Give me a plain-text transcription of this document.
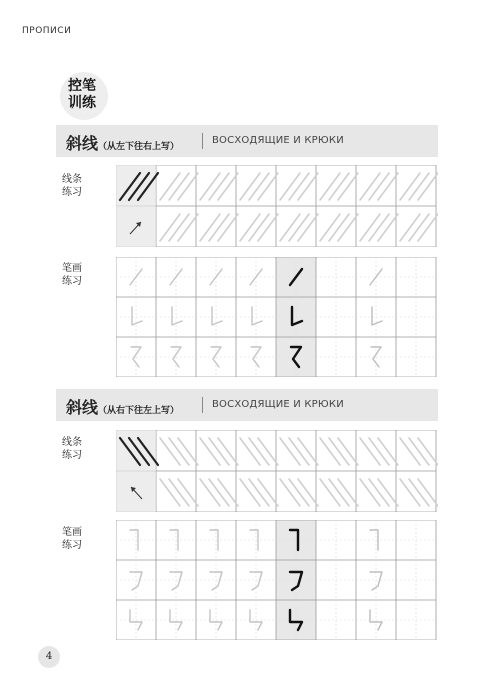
ПРОПИСИ
控笔
训练
斜线（从左下往右上写）
ВОСХОДЯЩИЕ И КРЮКИ
线条
练习
笔画
练习
斜线（从右下往左上写）
ВОСХОДЯЩИЕ И КРЮКИ
线条
练习
笔画
练习
4
